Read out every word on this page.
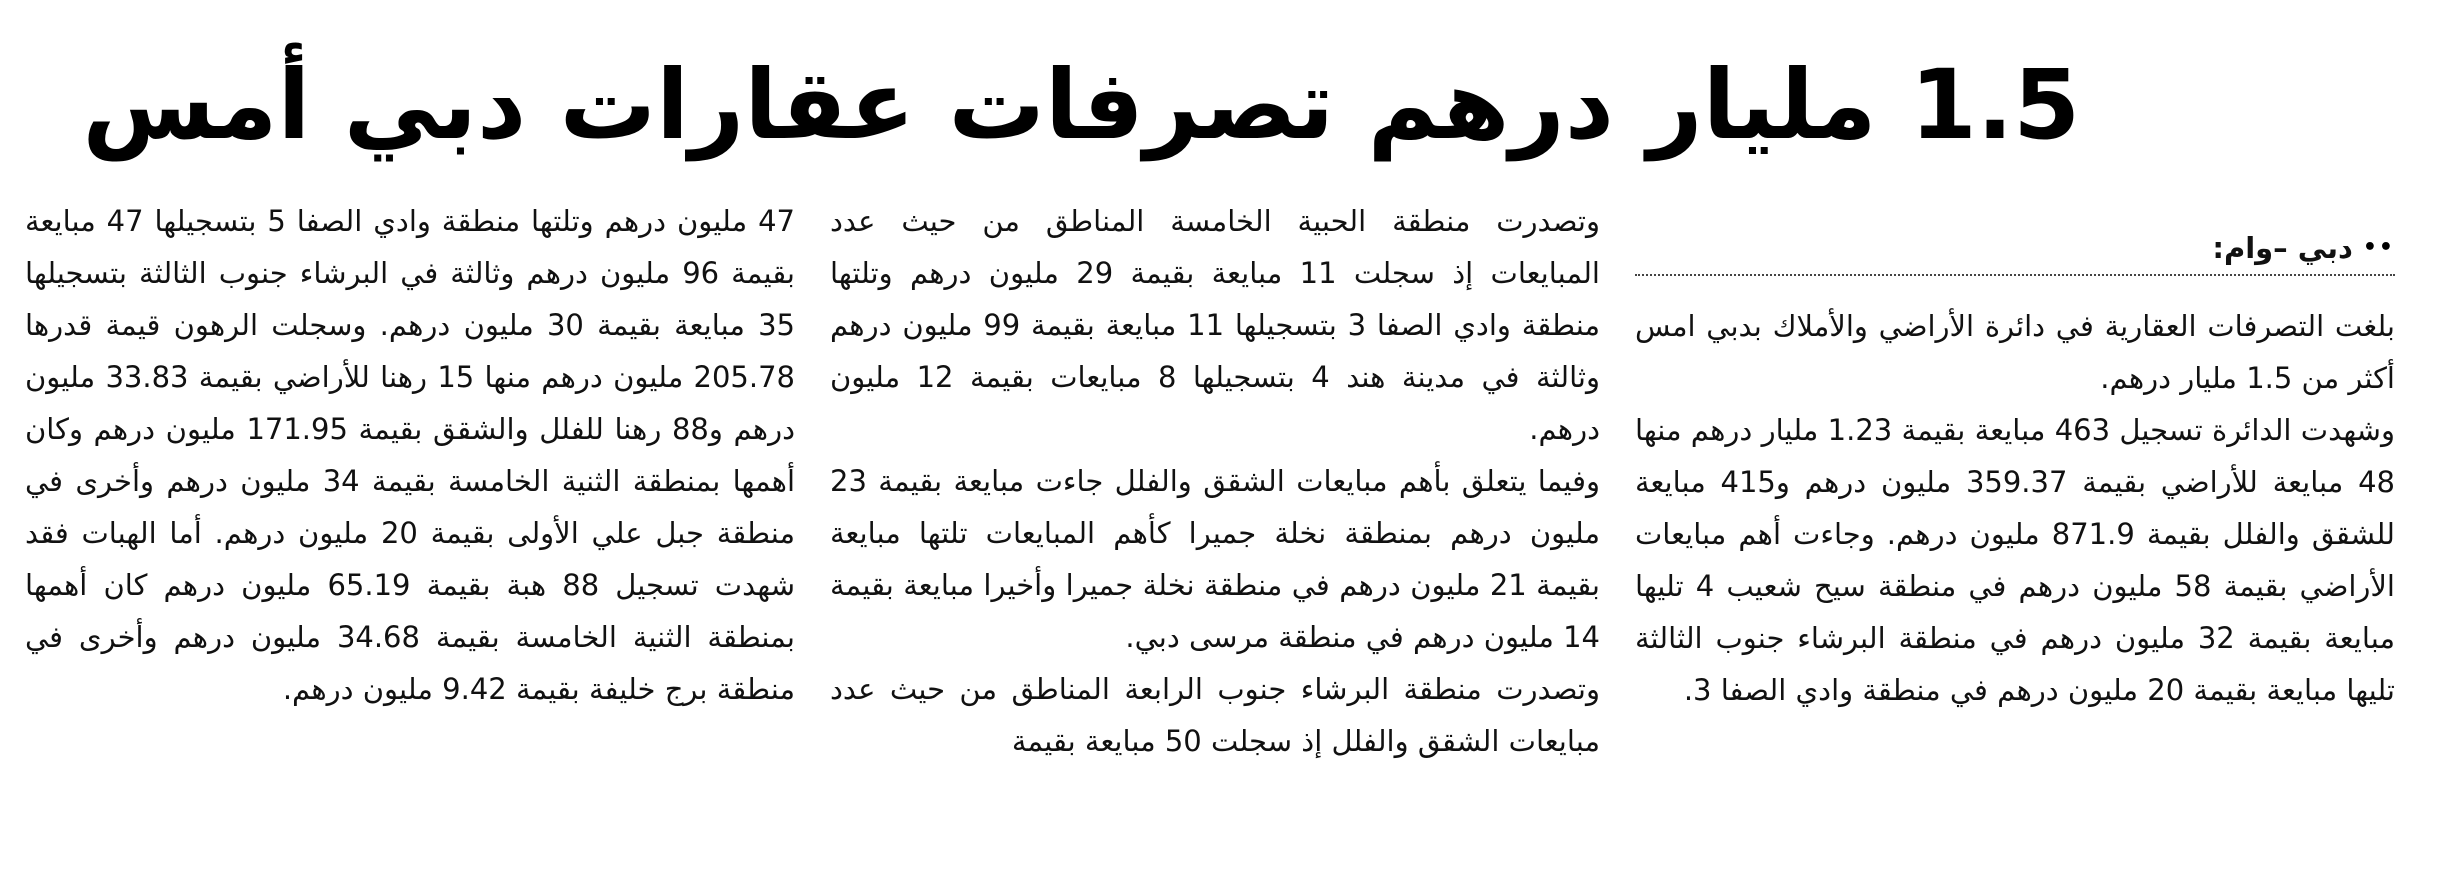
1.5 مليار درهم تصرفات عقارات دبي أمس
دبي –وام: ••

بلغت التصرفات العقارية في دائرة الأراضي والأملاك بدبي امس أكثر من 1.5 مليار درهم.

وشهدت الدائرة تسجيل 463 مبايعة بقيمة 1.23 مليار درهم منها 48 مبايعة للأراضي بقيمة 359.37 مليون درهم و415 مبايعة للشقق والفلل بقيمة 871.9 مليون درهم. وجاءت أهم مبايعات الأراضي بقيمة 58 مليون درهم في منطقة سيح شعيب 4 تليها مبايعة بقيمة 32 مليون درهم في منطقة البرشاء جنوب الثالثة تليها مبايعة بقيمة 20 مليون درهم في منطقة وادي الصفا 3.

وتصدرت منطقة الحبية الخامسة المناطق من حيث عدد المبايعات إذ سجلت 11 مبايعة بقيمة 29 مليون درهم وتلتها منطقة وادي الصفا 3 بتسجيلها 11 مبايعة بقيمة 99 مليون درهم وثالثة في مدينة هند 4 بتسجيلها 8 مبايعات بقيمة 12 مليون درهم.

وفيما يتعلق بأهم مبايعات الشقق والفلل جاءت مبايعة بقيمة 23 مليون درهم بمنطقة نخلة جميرا كأهم المبايعات تلتها مبايعة بقيمة 21 مليون درهم في منطقة نخلة جميرا وأخيرا مبايعة بقيمة 14 مليون درهم في منطقة مرسى دبي.

وتصدرت منطقة البرشاء جنوب الرابعة المناطق من حيث عدد مبايعات الشقق والفلل إذ سجلت 50 مبايعة بقيمة

47 مليون درهم وتلتها منطقة وادي الصفا 5 بتسجيلها 47 مبايعة بقيمة 96 مليون درهم وثالثة في البرشاء جنوب الثالثة بتسجيلها 35 مبايعة بقيمة 30 مليون درهم. وسجلت الرهون قيمة قدرها 205.78 مليون درهم منها 15 رهنا للأراضي بقيمة 33.83 مليون درهم و88 رهنا للفلل والشقق بقيمة 171.95 مليون درهم وكان أهمها بمنطقة الثنية الخامسة بقيمة 34 مليون درهم وأخرى في منطقة جبل علي الأولى بقيمة 20 مليون درهم. أما الهبات فقد شهدت تسجيل 88 هبة بقيمة 65.19 مليون درهم كان أهمها بمنطقة الثنية الخامسة بقيمة 34.68 مليون درهم وأخرى في منطقة برج خليفة بقيمة 9.42 مليون درهم.
